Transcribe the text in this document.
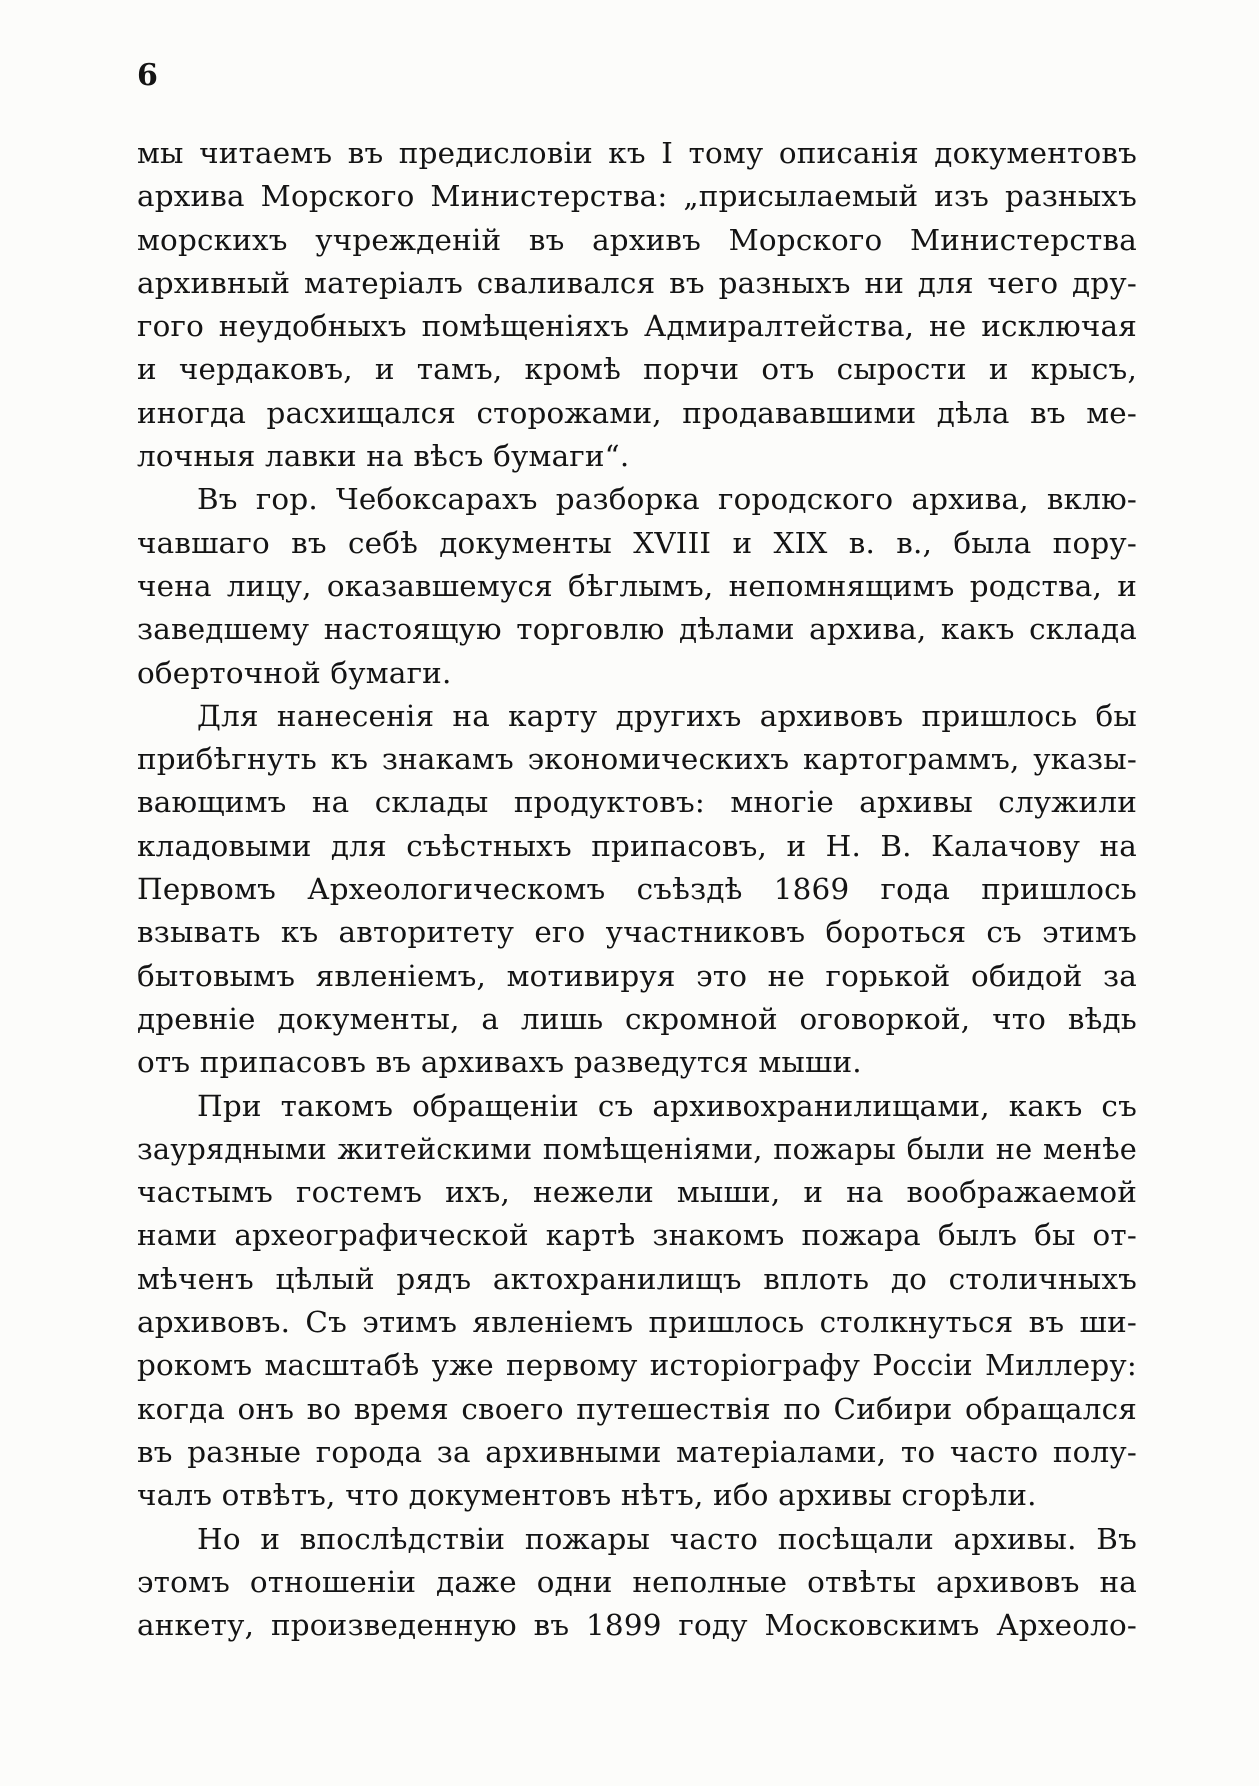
6
мы читаемъ въ предисловiи къ I тому описанiя документовъ
архива Морского Министерства: „присылаемый изъ разныхъ
морскихъ учрежденiй въ архивъ Морского Министерства
архивный матерiалъ сваливался въ разныхъ ни для чего дру-
гого неудобныхъ помѣщенiяхъ Адмиралтейства, не исключая
и чердаковъ, и тамъ, кромѣ порчи отъ сырости и крысъ,
иногда расхищался сторожами, продававшими дѣла въ ме-
лочныя лавки на вѣсъ бумаги“.
Въ гор. Чебоксарахъ разборка городского архива, вклю-
чавшаго въ себѣ документы XVIII и XIX в. в., была пору-
чена лицу, оказавшемуся бѣглымъ, непомнящимъ родства, и
заведшему настоящую торговлю дѣлами архива, какъ склада
оберточной бумаги.
Для нанесенiя на карту другихъ архивовъ пришлось бы
прибѣгнуть къ знакамъ экономическихъ картограммъ, указы-
вающимъ на склады продуктовъ: многiе архивы служили
кладовыми для съѣстныхъ припасовъ, и Н. В. Калачову на
Первомъ Археологическомъ съѣздѣ 1869 года пришлось
взывать къ авторитету его участниковъ бороться съ этимъ
бытовымъ явленiемъ, мотивируя это не горькой обидой за
древнiе документы, а лишь скромной оговоркой, что вѣдь
отъ припасовъ въ архивахъ разведутся мыши.
При такомъ обращенiи съ архивохранилищами, какъ съ
заурядными житейскими помѣщенiями, пожары были не менѣе
частымъ гостемъ ихъ, нежели мыши, и на воображаемой
нами археографической картѣ знакомъ пожара былъ бы от-
мѣченъ цѣлый рядъ актохранилищъ вплоть до столичныхъ
архивовъ. Съ этимъ явленiемъ пришлось столкнуться въ ши-
рокомъ масштабѣ уже первому исторiографу Россiи Миллеру:
когда онъ во время своего путешествiя по Сибири обращался
въ разные города за архивными матерiалами, то часто полу-
чалъ отвѣтъ, что документовъ нѣтъ, ибо архивы сгорѣли.
Но и впослѣдствiи пожары часто посѣщали архивы. Въ
этомъ отношенiи даже одни неполные отвѣты архивовъ на
анкету, произведенную въ 1899 году Московскимъ Археоло-
